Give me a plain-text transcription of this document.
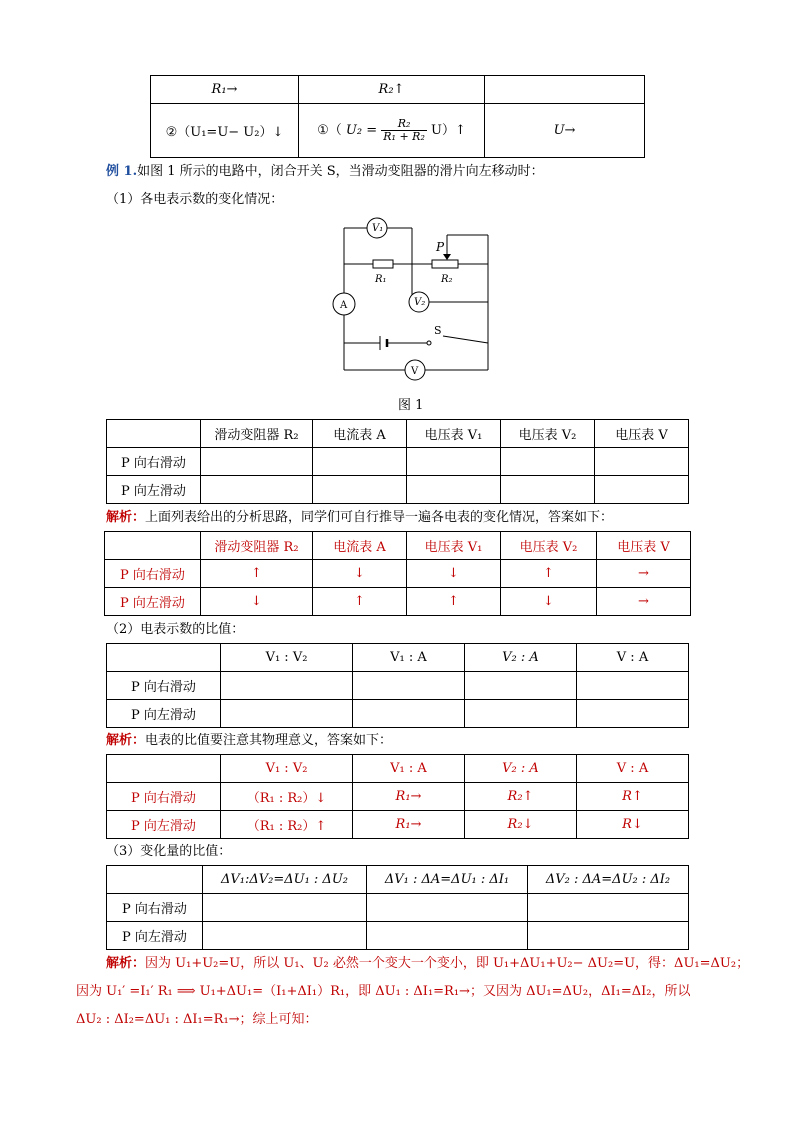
R₁→	R₂↑	
②（U₁=U− U₂）↓	①（ $U_2 = \frac{\text{R₂}}{\text{R₁ + R₂}}$ U）↑	U→
例 1.如图 1 所示的电路中，闭合开关 S，当滑动变阻器的滑片向左移动时：
（1）各电表示数的变化情况：
V₁
R₁
P
R₂
V₂
A
S
V
图 1
	滑动变阻器 R₂	电流表 A	电压表 V₁	电压表 V₂	电压表 V
P 向右滑动					
P 向左滑动					
解析：上面列表给出的分析思路，同学们可自行推导一遍各电表的变化情况，答案如下：
	滑动变阻器 R₂	电流表 A	电压表 V₁	电压表 V₂	电压表 V
P 向右滑动	↑	↓	↓	↑	→
P 向左滑动	↓	↑	↑	↓	→
（2）电表示数的比值：
	V₁ : V₂	V₁ : A	V₂ : A	V : A
P 向右滑动				
P 向左滑动				
解析：电表的比值要注意其物理意义，答案如下：
	V₁ : V₂	V₁ : A	V₂ : A	V : A
P 向右滑动	（R₁ : R₂）↓	R₁→	R₂↑	R↑
P 向左滑动	（R₁ : R₂）↑	R₁→	R₂↓	R↓
（3）变化量的比值：
	ΔV₁:ΔV₂=ΔU₁ : ΔU₂	ΔV₁ : ΔA=ΔU₁ : ΔI₁	ΔV₂ : ΔA=ΔU₂ : ΔI₂
P 向右滑动			
P 向左滑动			
解析：因为 U₁+U₂=U，所以 U₁、U₂ 必然一个变大一个变小，即 U₁+ΔU₁+U₂− ΔU₂=U，得：ΔU₁=ΔU₂；
因为 U₁′ =I₁′ R₁ ⟹ U₁+ΔU₁=（I₁+ΔI₁）R₁，即 ΔU₁ : ΔI₁=R₁→；又因为 ΔU₁=ΔU₂，ΔI₁=ΔI₂，所以
ΔU₂ : ΔI₂=ΔU₁ : ΔI₁=R₁→；综上可知：
